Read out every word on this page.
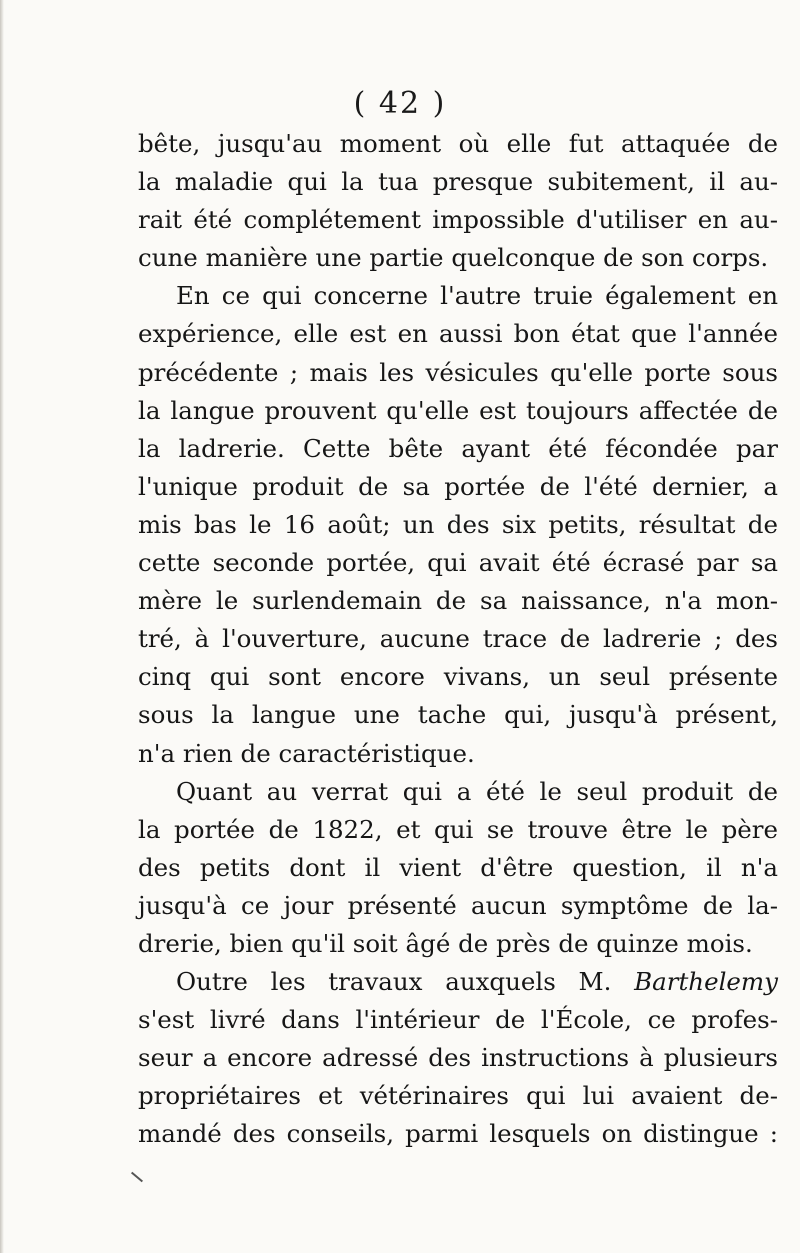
( 42 )
bête, jusqu'au moment où elle fut attaquée de
la maladie qui la tua presque subitement, il au-
rait été complétement impossible d'utiliser en au-
cune manière une partie quelconque de son corps.
En ce qui concerne l'autre truie également en
expérience, elle est en aussi bon état que l'année
précédente ; mais les vésicules qu'elle porte sous
la langue prouvent qu'elle est toujours affectée de
la ladrerie. Cette bête ayant été fécondée par
l'unique produit de sa portée de l'été dernier, a
mis bas le 16 août; un des six petits, résultat de
cette seconde portée, qui avait été écrasé par sa
mère le surlendemain de sa naissance, n'a mon-
tré, à l'ouverture, aucune trace de ladrerie ; des
cinq qui sont encore vivans, un seul présente
sous la langue une tache qui, jusqu'à présent,
n'a rien de caractéristique.
Quant au verrat qui a été le seul produit de
la portée de 1822, et qui se trouve être le père
des petits dont il vient d'être question, il n'a
jusqu'à ce jour présenté aucun symptôme de la-
drerie, bien qu'il soit âgé de près de quinze mois.
Outre les travaux auxquels M. Barthelemy
s'est livré dans l'intérieur de l'École, ce profes-
seur a encore adressé des instructions à plusieurs
propriétaires et vétérinaires qui lui avaient de-
mandé des conseils, parmi lesquels on distingue :
